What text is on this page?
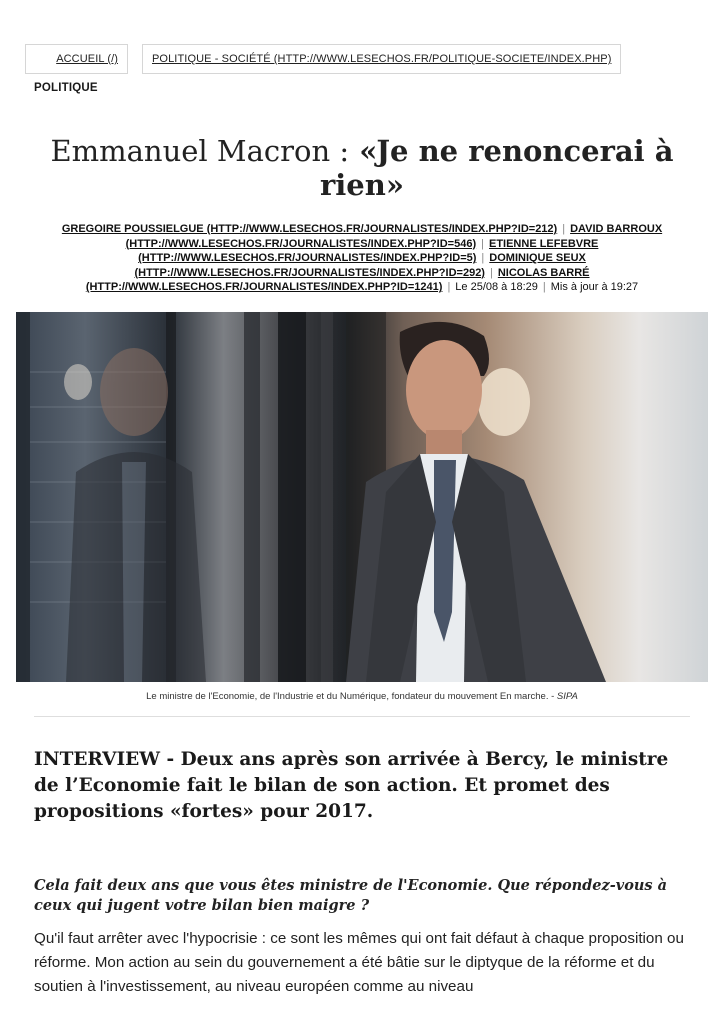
ACCUEIL (/)	POLITIQUE - SOCIÉTÉ (HTTP://WWW.LESECHOS.FR/POLITIQUE-SOCIETE/INDEX.PHP)
POLITIQUE
Emmanuel Macron : «Je ne renoncerai à rien»
GREGOIRE POUSSIELGUE (HTTP://WWW.LESECHOS.FR/JOURNALISTES/INDEX.PHP?ID=212) | DAVID BARROUX (HTTP://WWW.LESECHOS.FR/JOURNALISTES/INDEX.PHP?ID=546) | ETIENNE LEFEBVRE (HTTP://WWW.LESECHOS.FR/JOURNALISTES/INDEX.PHP?ID=5) | DOMINIQUE SEUX (HTTP://WWW.LESECHOS.FR/JOURNALISTES/INDEX.PHP?ID=292) | NICOLAS BARRÉ (HTTP://WWW.LESECHOS.FR/JOURNALISTES/INDEX.PHP?ID=1241) | Le 25/08 à 18:29 | Mis à jour à 19:27
Le ministre de l'Economie, de l'Industrie et du Numérique, fondateur du mouvement En marche. - SIPA

INTERVIEW - Deux ans après son arrivée à Bercy, le ministre de l’Economie fait le bilan de son action. Et promet des propositions «fortes» pour 2017.

Cela fait deux ans que vous êtes ministre de l'Economie. Que répondez-vous à ceux qui jugent votre bilan bien maigre ?

Qu'il faut arrêter avec l'hypocrisie : ce sont les mêmes qui ont fait défaut à chaque proposition ou réforme. Mon action au sein du gouvernement a été bâtie sur le diptyque de la réforme et du soutien à l'investissement, au niveau européen comme au niveau
